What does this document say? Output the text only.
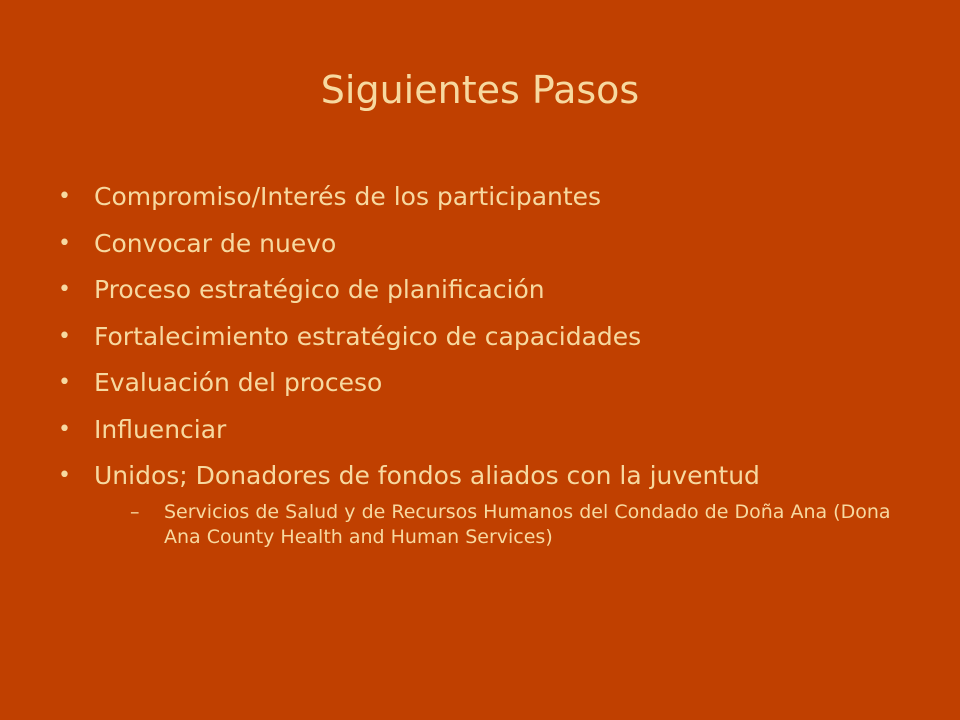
Siguientes Pasos
• Compromiso/Interés de los participantes
• Convocar de nuevo
• Proceso estratégico de planificación
• Fortalecimiento estratégico de capacidades
• Evaluación del proceso
• Influenciar
• Unidos; Donadores de fondos aliados con la juventud
– Servicios de Salud y de Recursos Humanos del Condado de Doña Ana (Dona Ana County Health and Human Services)
